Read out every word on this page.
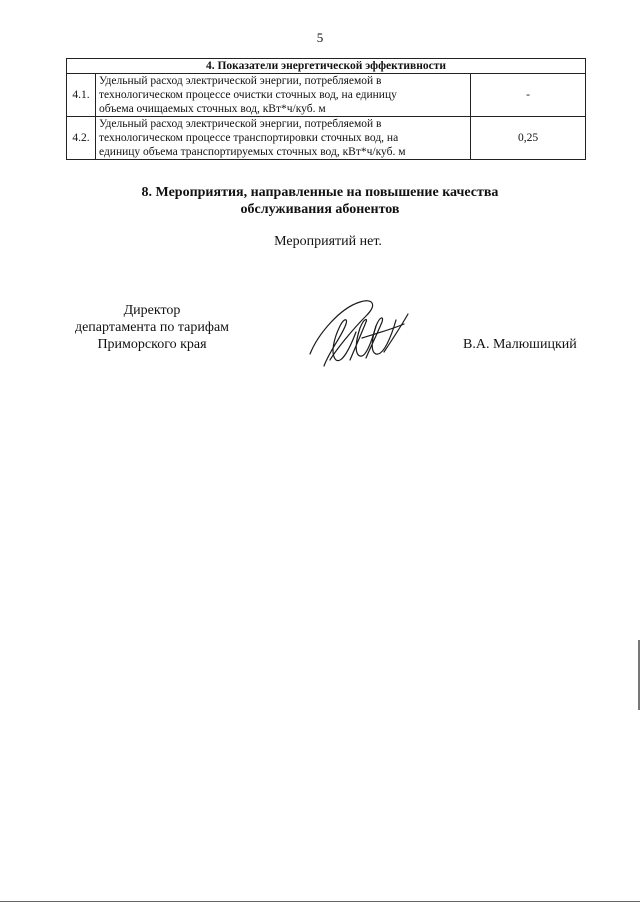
5
4. Показатели энергетической эффективности		
4.1.	Удельный расход электрической энергии, потребляемой в
технологическом процессе очистки сточных вод, на единицу
объема очищаемых сточных вод, кВт*ч/куб. м	-
4.2.	Удельный расход электрической энергии, потребляемой в
технологическом процессе транспортировки сточных вод, на
единицу объема транспортируемых сточных вод, кВт*ч/куб. м	0,25
8. Мероприятия, направленные на повышение качества
обслуживания абонентов
Мероприятий нет.
Директор
департамента по тарифам
Приморского края	В.А. Малюшицкий
